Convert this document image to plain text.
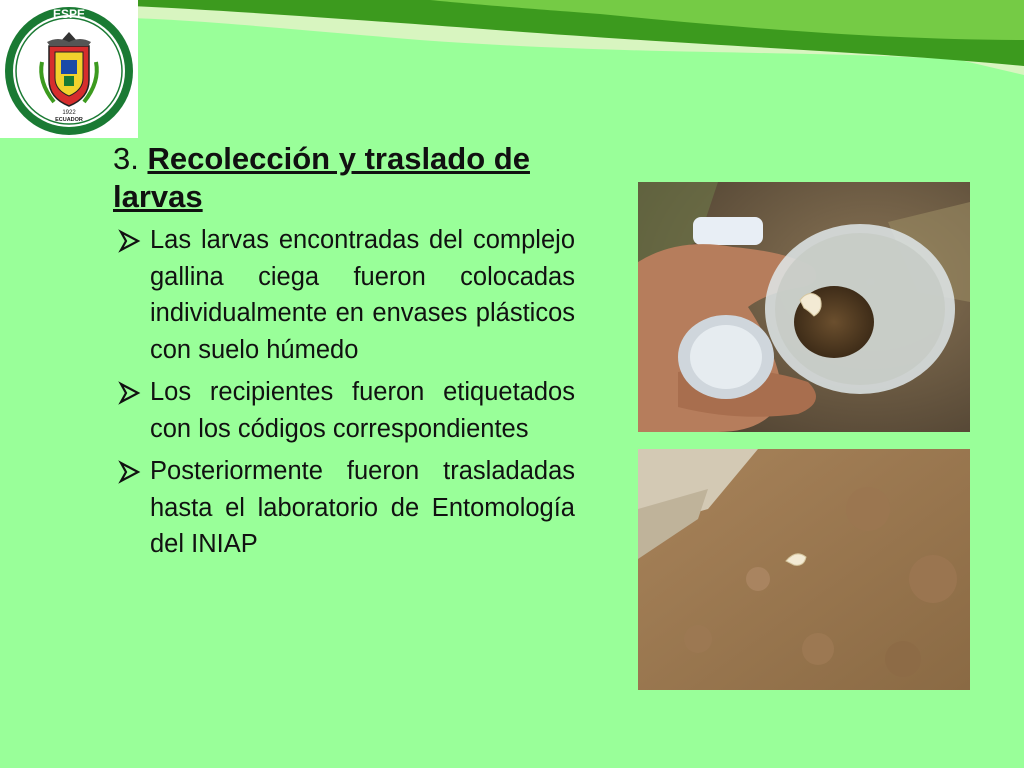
ESPE
1922
ECUADOR
3. Recolección y traslado de larvas
Las larvas encontradas del complejo gallina ciega fueron colocadas individualmente en envases plásticos con suelo húmedo
Los recipientes fueron etiquetados con los códigos correspondientes
Posteriormente fueron trasladadas hasta el laboratorio de Entomología del INIAP
